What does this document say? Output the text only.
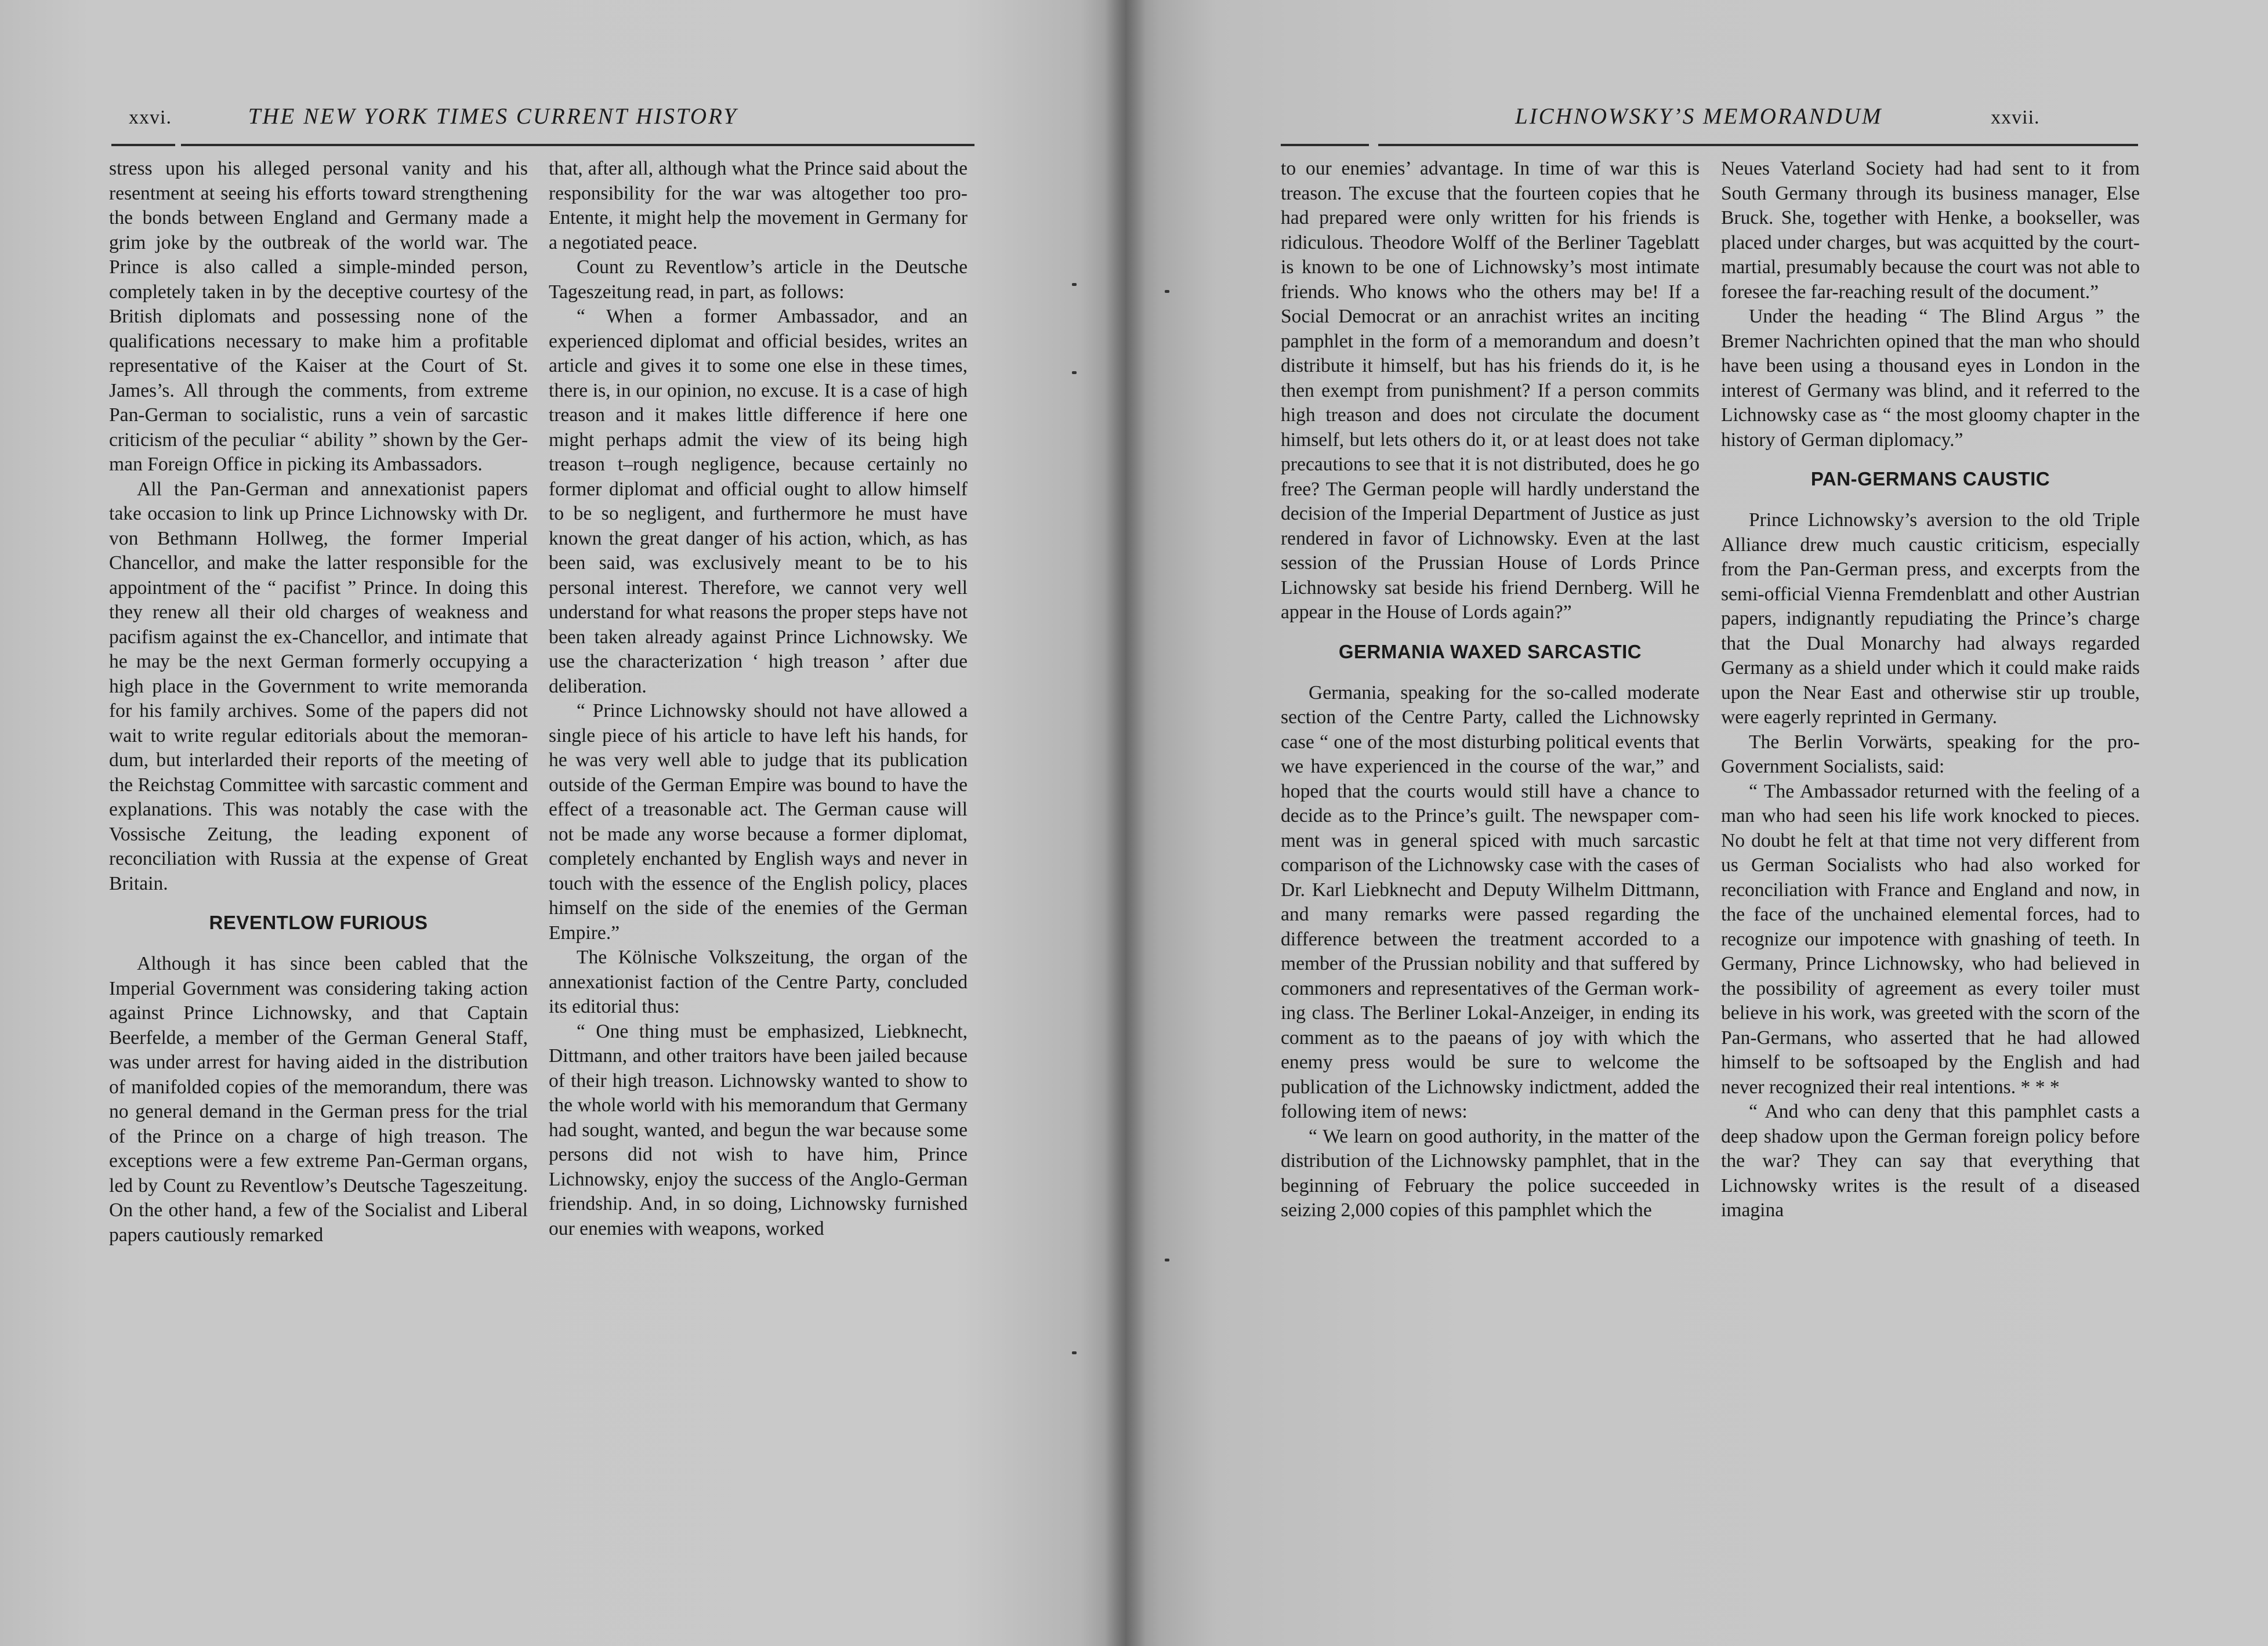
xxvi.	THE NEW YORK TIMES CURRENT HISTORY

stress upon his alleged personal vanity and his resentment at seeing his efforts toward strengthening the bonds between England and Germany made a grim joke by the outbreak of the world war. The Prince is also called a simple-minded person, completely taken in by the deceptive courtesy of the British diplomats and possessing none of the qualifications necessary to make him a profitable representative of the Kaiser at the Court of St. James’s. All through the comments, from extreme Pan-German to socialistic, runs a vein of sarcastic criticism of the peculiar “ ability ” shown by the German Foreign Office in picking its Ambassadors.

All the Pan-German and annexationist papers take occasion to link up Prince Lichnowsky with Dr. von Bethmann Hollweg, the former Imperial Chancellor, and make the latter responsible for the appointment of the “ pacifist ” Prince. In doing this they renew all their old charges of weakness and pacifism against the ex-Chancellor, and intimate that he may be the next German formerly occupying a high place in the Government to write memoranda for his family archives. Some of the papers did not wait to write regular editorials about the memorandum, but interlarded their reports of the meeting of the Reichstag Committee with sarcastic comment and explanations. This was notably the case with the Vossische Zeitung, the leading exponent of reconciliation with Russia at the expense of Great Britain.

REVENTLOW FURIOUS

Although it has since been cabled that the Imperial Government was considering taking action against Prince Lichnowsky, and that Captain Beerfelde, a member of the German General Staff, was under arrest for having aided in the distribution of manifolded copies of the memorandum, there was no general demand in the German press for the trial of the Prince on a charge of high treason. The exceptions were a few extreme Pan-German organs, led by Count zu Reventlow’s Deutsche Tageszeitung. On the other hand, a few of the Socialist and Liberal papers cautiously remarked

that, after all, although what the Prince said about the responsibility for the war was altogether too pro-Entente, it might help the movement in Germany for a negotiated peace.

Count zu Reventlow’s article in the Deutsche Tageszeitung read, in part, as follows:

“ When a former Ambassador, and an experienced diplomat and official besides, writes an article and gives it to some one else in these times, there is, in our opinion, no excuse. It is a case of high treason and it makes little difference if here one might perhaps admit the view of its being high treason t–rough negligence, because certainly no former diplomat and official ought to allow himself to be so negligent, and furthermore he must have known the great danger of his action, which, as has been said, was exclusively meant to be to his personal interest. Therefore, we cannot very well understand for what reasons the proper steps have not been taken already against Prince Lichnowsky. We use the characterization ‘ high treason ’ after due deliberation.

“ Prince Lichnowsky should not have allowed a single piece of his article to have left his hands, for he was very well able to judge that its publication outside of the German Empire was bound to have the effect of a treasonable act. The German cause will not be made any worse because a former diplomat, completely enchanted by English ways and never in touch with the essence of the English policy, places himself on the side of the enemies of the German Empire.”

The Kölnische Volkszeitung, the organ of the annexationist faction of the Centre Party, concluded its editorial thus:

“ One thing must be emphasized, Liebknecht, Dittmann, and other traitors have been jailed because of their high treason. Lichnowsky wanted to show to the whole world with his memorandum that Germany had sought, wanted, and begun the war because some persons did not wish to have him, Prince Lichnowsky, enjoy the success of the Anglo-German friendship. And, in so doing, Lichnowsky furnished our enemies with weapons, worked

LICHNOWSKY’S MEMORANDUM	xxvii.

to our enemies’ advantage. In time of war this is treason. The excuse that the fourteen copies that he had prepared were only written for his friends is ridiculous. Theodore Wolff of the Berliner Tageblatt is known to be one of Lichnowsky’s most intimate friends. Who knows who the others may be! If a Social Democrat or an anrachist writes an inciting pamphlet in the form of a memorandum and doesn’t distribute it himself, but has his friends do it, is he then exempt from punishment? If a person commits high treason and does not circulate the document himself, but lets others do it, or at least does not take precautions to see that it is not distributed, does he go free? The German people will hardly understand the decision of the Imperial Department of Justice as just rendered in favor of Lichnowsky. Even at the last session of the Prussian House of Lords Prince Lichnowsky sat beside his friend Dernberg. Will he appear in the House of Lords again?”

GERMANIA WAXED SARCASTIC

Germania, speaking for the so-called moderate section of the Centre Party, called the Lichnowsky case “ one of the most disturbing political events that we have experienced in the course of the war,” and hoped that the courts would still have a chance to decide as to the Prince’s guilt. The newspaper comment was in general spiced with much sarcastic comparison of the Lichnowsky case with the cases of Dr. Karl Liebknecht and Deputy Wilhelm Dittmann, and many remarks were passed regarding the difference between the treatment accorded to a member of the Prussian nobility and that suffered by commoners and representatives of the German working class. The Berliner Lokal-Anzeiger, in ending its comment as to the paeans of joy with which the enemy press would be sure to welcome the publication of the Lichnowsky indictment, added the following item of news:

“ We learn on good authority, in the matter of the distribution of the Lichnowsky pamphlet, that in the beginning of February the police succeeded in seizing 2,000 copies of this pamphlet which the

Neues Vaterland Society had had sent to it from South Germany through its business manager, Else Bruck. She, together with Henke, a bookseller, was placed under charges, but was acquitted by the court-martial, presumably because the court was not able to foresee the far-reaching result of the document.”

Under the heading “ The Blind Argus ” the Bremer Nachrichten opined that the man who should have been using a thousand eyes in London in the interest of Germany was blind, and it referred to the Lichnowsky case as “ the most gloomy chapter in the history of German diplomacy.”

PAN-GERMANS CAUSTIC

Prince Lichnowsky’s aversion to the old Triple Alliance drew much caustic criticism, especially from the Pan-German press, and excerpts from the semi-official Vienna Fremdenblatt and other Austrian papers, indignantly repudiating the Prince’s charge that the Dual Monarchy had always regarded Germany as a shield under which it could make raids upon the Near East and otherwise stir up trouble, were eagerly reprinted in Germany.

The Berlin Vorwärts, speaking for the pro-Government Socialists, said:

“ The Ambassador returned with the feeling of a man who had seen his life work knocked to pieces. No doubt he felt at that time not very different from us German Socialists who had also worked for reconciliation with France and England and now, in the face of the unchained elemental forces, had to recognize our impotence with gnashing of teeth. In Germany, Prince Lichnowsky, who had believed in the possibility of agreement as every toiler must believe in his work, was greeted with the scorn of the Pan-Germans, who asserted that he had allowed himself to be softsoaped by the English and had never recognized their real intentions. * * *

“ And who can deny that this pamphlet casts a deep shadow upon the German foreign policy before the war? They can say that everything that Lichnowsky writes is the result of a diseased imagina
